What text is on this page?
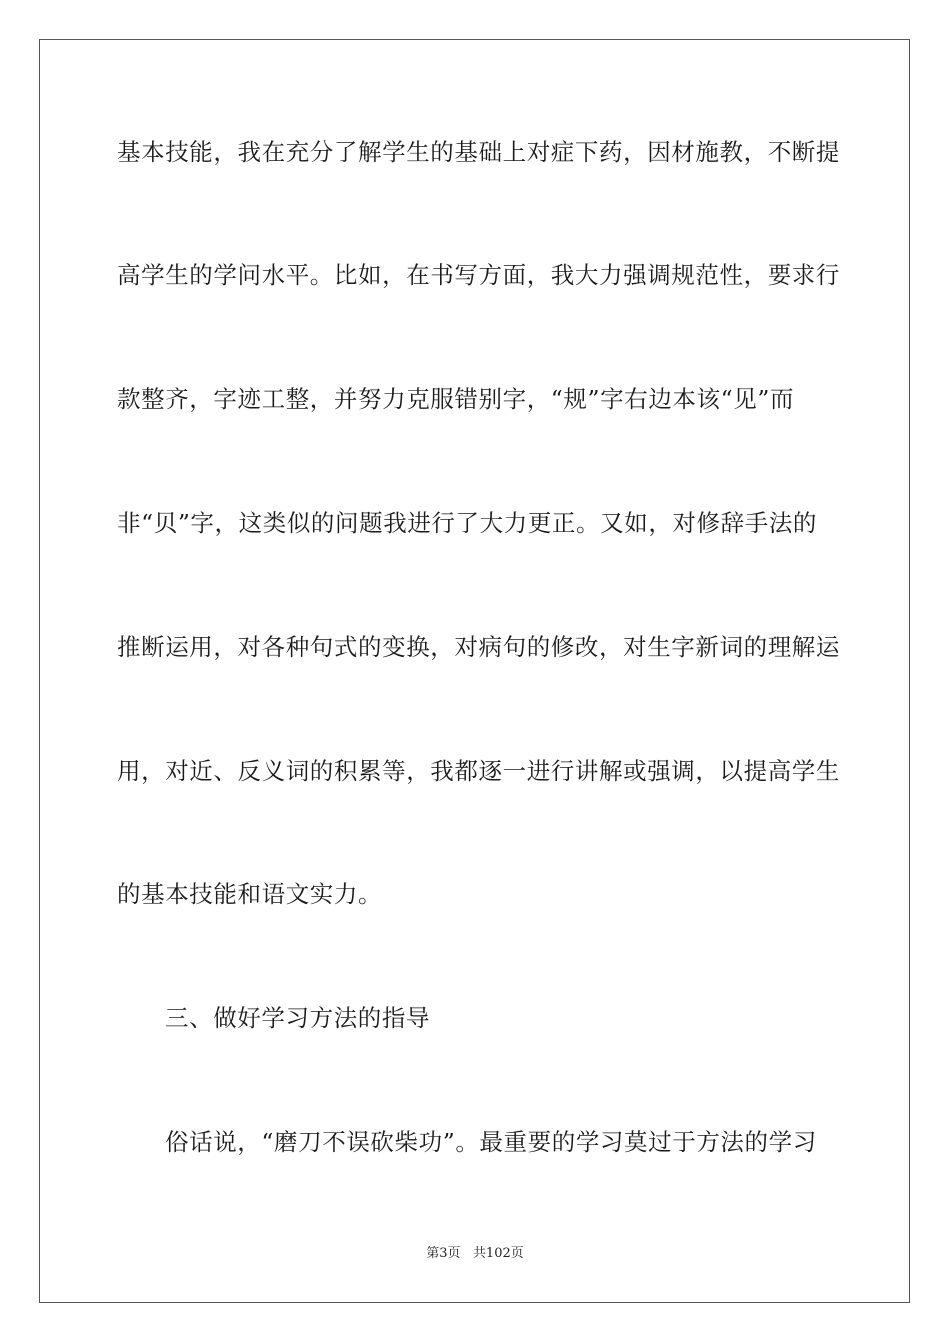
基本技能，我在充分了解学生的基础上对症下药，因材施教，不断提
高学生的学问水平。比如，在书写方面，我大力强调规范性，要求行
款整齐，字迹工整，并努力克服错别字，“规”字右边本该“见”而
非“贝”字，这类似的问题我进行了大力更正。又如，对修辞手法的
推断运用，对各种句式的变换，对病句的修改，对生字新词的理解运
用，对近、反义词的积累等，我都逐一进行讲解或强调，以提高学生
的基本技能和语文实力。
三、做好学习方法的指导
俗话说，“磨刀不误砍柴功”。最重要的学习莫过于方法的学习
第3页 共102页
